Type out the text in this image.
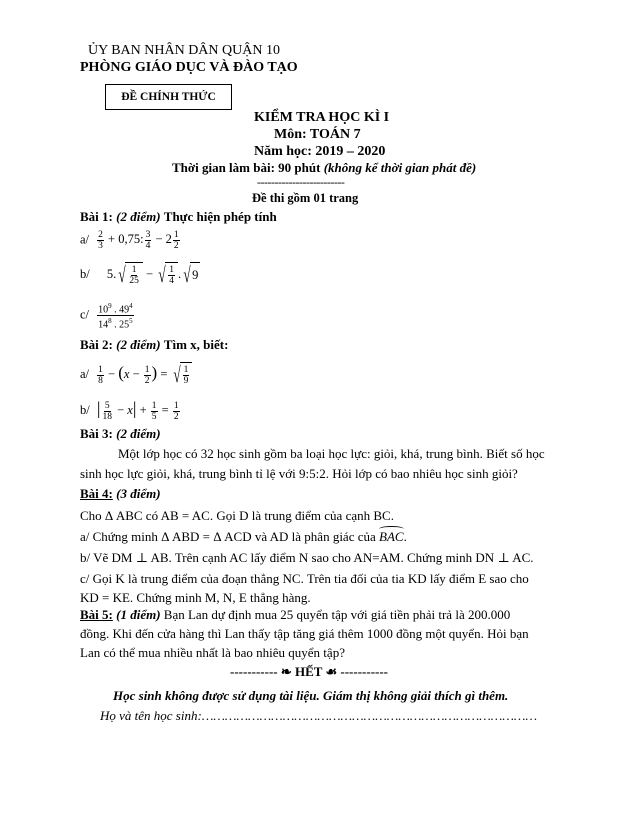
ỦY BAN NHÂN DÂN QUẬN 10
PHÒNG GIÁO DỤC VÀ ĐÀO TẠO
ĐỀ CHÍNH THỨC
KIỂM TRA HỌC KÌ I
Môn: TOÁN 7
Năm học: 2019 – 2020
Thời gian làm bài: 90 phút (không kể thời gian phát đề)
-------------------------
Đề thi gồm 01 trang
Bài 1: (2 điểm) Thực hiện phép tính
$a/ \frac{2}{3} + 0,75$: $\frac{3}{4} - 2 \frac{1}{2}$
b/ 5. √ $\frac{1}{25}$ − √ $\frac{1}{4}$ . √ 9
$c/ \frac{10^9 . 49^4}{14^8 . 25^5}$
Bài 2: (2 điểm) Tìm x, biết:
$a/ \frac{1}{8} - (x - \frac{1}{2}$ ) = √ $\frac{1}{9}$
b/ | $\frac{5}{18} - x| + \frac{1}{5} = \frac{1}{2}$
Bài 3: (2 điểm)
Một lớp học có 32 học sinh gồm ba loại học lực: giỏi, khá, trung bình. Biết số học
sinh học lực giỏi, khá, trung bình tỉ lệ với 9:5:2. Hỏi lớp có bao nhiêu học sinh giỏi?
Bài 4: (3 điểm)
Cho Δ ABC có AB = AC. Gọi D là trung điểm của cạnh BC.
a/ Chứng minh Δ ABD = Δ ACD và AD là phân giác của BAC.
b/ Vẽ DM ⊥ AB. Trên cạnh AC lấy điểm N sao cho AN=AM. Chứng minh DN ⊥ AC.
c/ Gọi K là trung điểm của đoạn thẳng NC. Trên tia đối của tia KD lấy điểm E sao cho
KD = KE. Chứng minh M, N, E thẳng hàng.
Bài 5: (1 điểm) Bạn Lan dự định mua 25 quyển tập với giá tiền phải trả là 200.000
đồng. Khi đến cửa hàng thì Lan thấy tập tăng giá thêm 1000 đồng một quyển. Hỏi bạn
Lan có thể mua nhiều nhất là bao nhiêu quyển tập?
----------- ❧ HẾT ☙ -----------
Học sinh không được sử dụng tài liệu. Giám thị không giải thích gì thêm.
Họ và tên học sinh:……………………………………………………………………………
